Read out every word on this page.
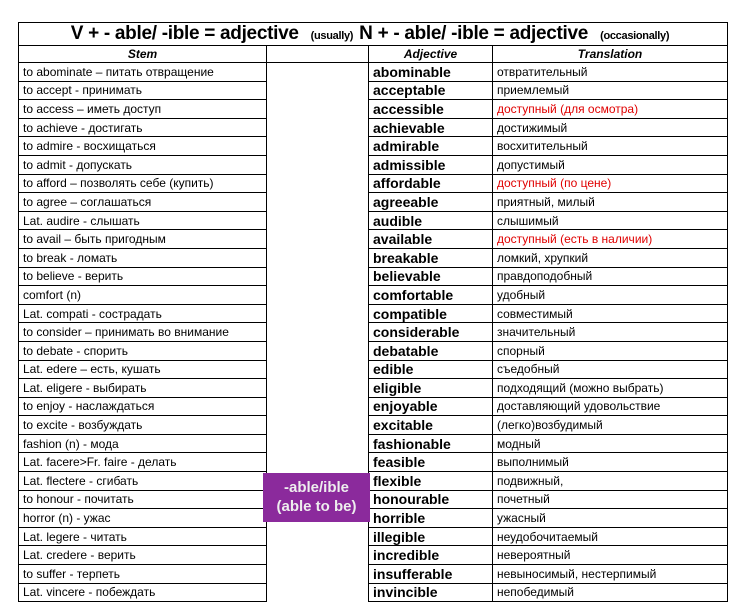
V + - able/ -ible = adjective (usually) N + - able/ -ible = adjective (occasionally)			
Stem		Adjective	Translation
to abominate – питать отвращение		abominable	отвратительный
to accept - принимать		acceptable	приемлемый
to access – иметь доступ		accessible	доступный (для осмотра)
to achieve - достигать		achievable	достижимый
to admire - восхищаться		admirable	восхитительный
to admit - допускать		admissible	допустимый
to afford – позволять себе (купить)		affordable	доступный (по цене)
to agree – соглашаться		agreeable	приятный, милый
Lat. audire - слышать		audible	слышимый
to avail – быть пригодным		available	доступный (есть в наличии)
to break - ломать		breakable	ломкий, хрупкий
to believe - верить		believable	правдоподобный
comfort (n)		comfortable	удобный
Lat. compati - сострадать		compatible	совместимый
to consider – принимать во внимание		considerable	значительный
to debate - спорить		debatable	спорный
Lat. edere – есть, кушать		edible	съедобный
Lat. eligere - выбирать		eligible	подходящий (можно выбрать)
to enjoy - наслаждаться		enjoyable	доставляющий удовольствие
to excite - возбуждать		excitable	(легко)возбудимый
fashion (n) - мода		fashionable	модный
Lat. facere>Fr. faire - делать		feasible	выполнимый
Lat. flectere - сгибать		flexible	подвижный,
to honour - почитать		honourable	почетный
horror (n) - ужас		horrible	ужасный
Lat. legere - читать		illegible	неудобочитаемый
Lat. credere - верить		incredible	невероятный
to suffer - терпеть		insufferable	невыносимый, нестерпимый
Lat. vincere - побеждать		invincible	непобедимый
-able/ible
(able to be)
